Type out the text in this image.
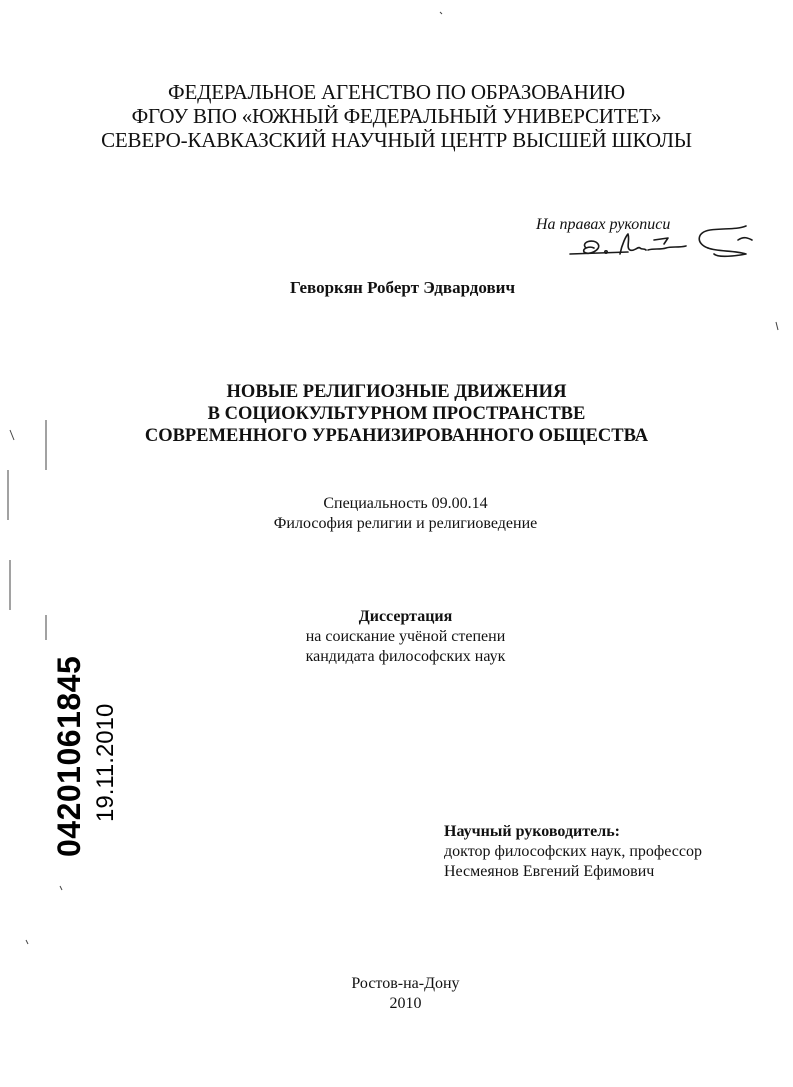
ФЕДЕРАЛЬНОЕ АГЕНСТВО ПО ОБРАЗОВАНИЮ
ФГОУ ВПО «ЮЖНЫЙ ФЕДЕРАЛЬНЫЙ УНИВЕРСИТЕТ»
СЕВЕРО-КАВКАЗСКИЙ НАУЧНЫЙ ЦЕНТР ВЫСШЕЙ ШКОЛЫ
На правах рукописи
Геворкян Роберт Эдвардович
НОВЫЕ РЕЛИГИОЗНЫЕ ДВИЖЕНИЯ
В СОЦИОКУЛЬТУРНОМ ПРОСТРАНСТВЕ
СОВРЕМЕННОГО УРБАНИЗИРОВАННОГО ОБЩЕСТВА
Специальность 09.00.14
Философия религии и религиоведение
Диссертация
на соискание учёной степени
кандидата философских наук
Научный руководитель:
доктор философских наук, профессор
Несмеянов Евгений Ефимович
Ростов-на-Дону
2010
04201061845 19.11.2010
